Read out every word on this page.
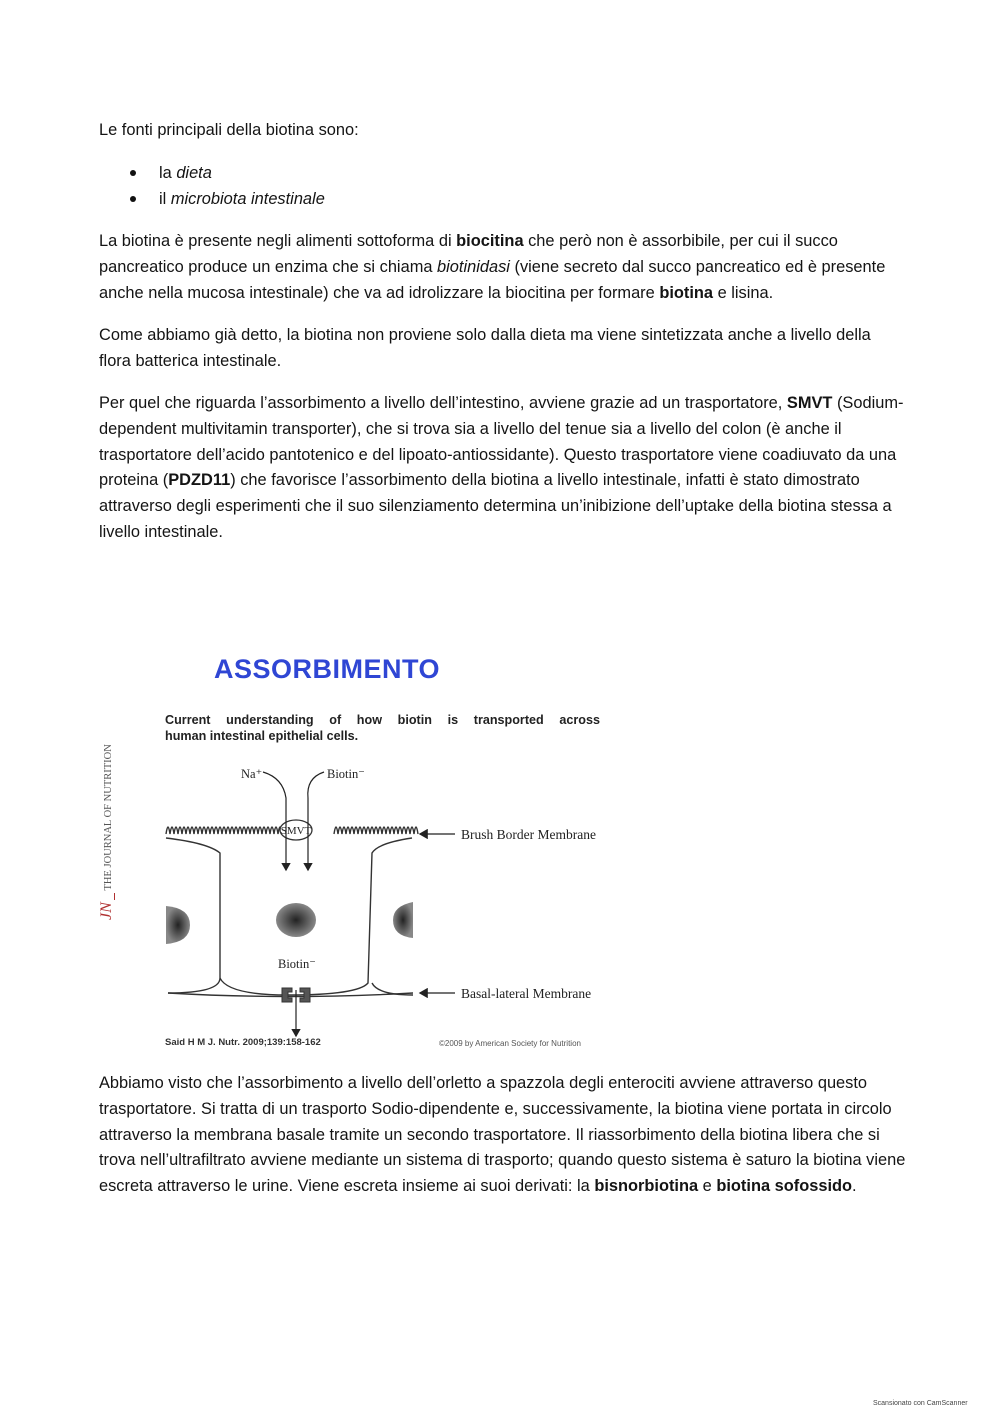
Le fonti principali della biotina sono:

la dieta
il microbiota intestinale

La biotina è presente negli alimenti sottoforma di biocitina che però non è assorbibile, per cui il succo pancreatico produce un enzima che si chiama biotinidasi (viene secreto dal succo pancreatico ed è presente anche nella mucosa intestinale) che va ad idrolizzare la biocitina per formare biotina e lisina.

Come abbiamo già detto, la biotina non proviene solo dalla dieta ma viene sintetizzata anche a livello della flora batterica intestinale.

Per quel che riguarda l’assorbimento a livello dell’intestino, avviene grazie ad un trasportatore, SMVT (Sodium-dependent multivitamin transporter), che si trova sia a livello del tenue sia a livello del colon (è anche il trasportatore dell’acido pantotenico e del lipoato-antiossidante). Questo trasportatore viene coadiuvato da una proteina (PDZD11) che favorisce l’assorbimento della biotina a livello intestinale, infatti è stato dimostrato attraverso degli esperimenti che il suo silenziamento determina un’inibizione dell’uptake della biotina stessa a livello intestinale.

ASSORBIMENTO

Current understanding of how biotin is transported across

human intestinal epithelial cells.

JN   THE JOURNAL OF NUTRITION	SMVT
Na⁺	Biotin⁻
Brush Border Membrane
Biotin⁻
Basal-lateral Membrane

Said H M J. Nutr. 2009;139:158-162	©2009 by American Society for Nutrition

Abbiamo visto che l’assorbimento a livello dell’orletto a spazzola degli enterociti avviene attraverso questo trasportatore. Si tratta di un trasporto Sodio-dipendente e, successivamente, la biotina viene portata in circolo attraverso la membrana basale tramite un secondo trasportatore. Il riassorbimento della biotina libera che si trova nell’ultrafiltrato avviene mediante un sistema di trasporto; quando questo sistema è saturo la biotina viene escreta attraverso le urine. Viene escreta insieme ai suoi derivati: la bisnorbiotina e biotina sofossido.

Scansionato con CamScanner
